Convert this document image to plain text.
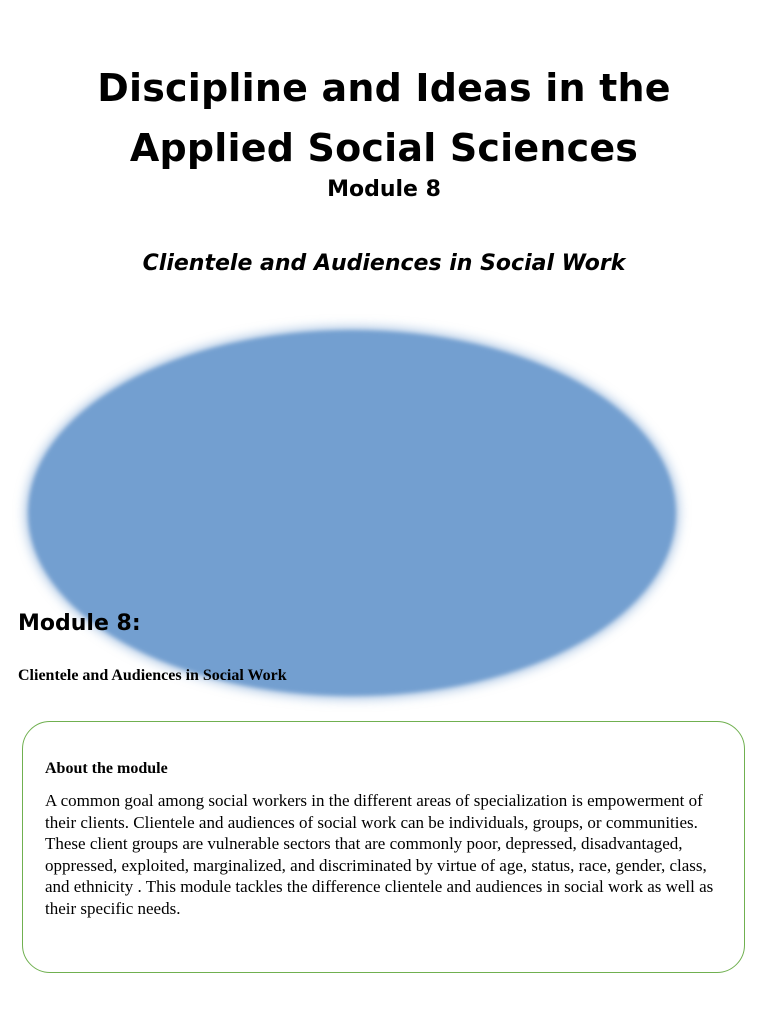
Discipline and Ideas in the
Applied Social Sciences

Module 8

Clientele and Audiences in Social Work

Module 8:

Clientele and Audiences in Social Work

About the module

A common goal among social workers in the different areas of specialization is empowerment of their clients. Clientele and audiences of social work can be individuals, groups, or communities. These client groups are vulnerable sectors that are commonly poor, depressed, disadvantaged, oppressed, exploited, marginalized, and discriminated by virtue of age, status, race, gender, class, and ethnicity . This module tackles the difference clientele and audiences in social work as well as their specific needs.
